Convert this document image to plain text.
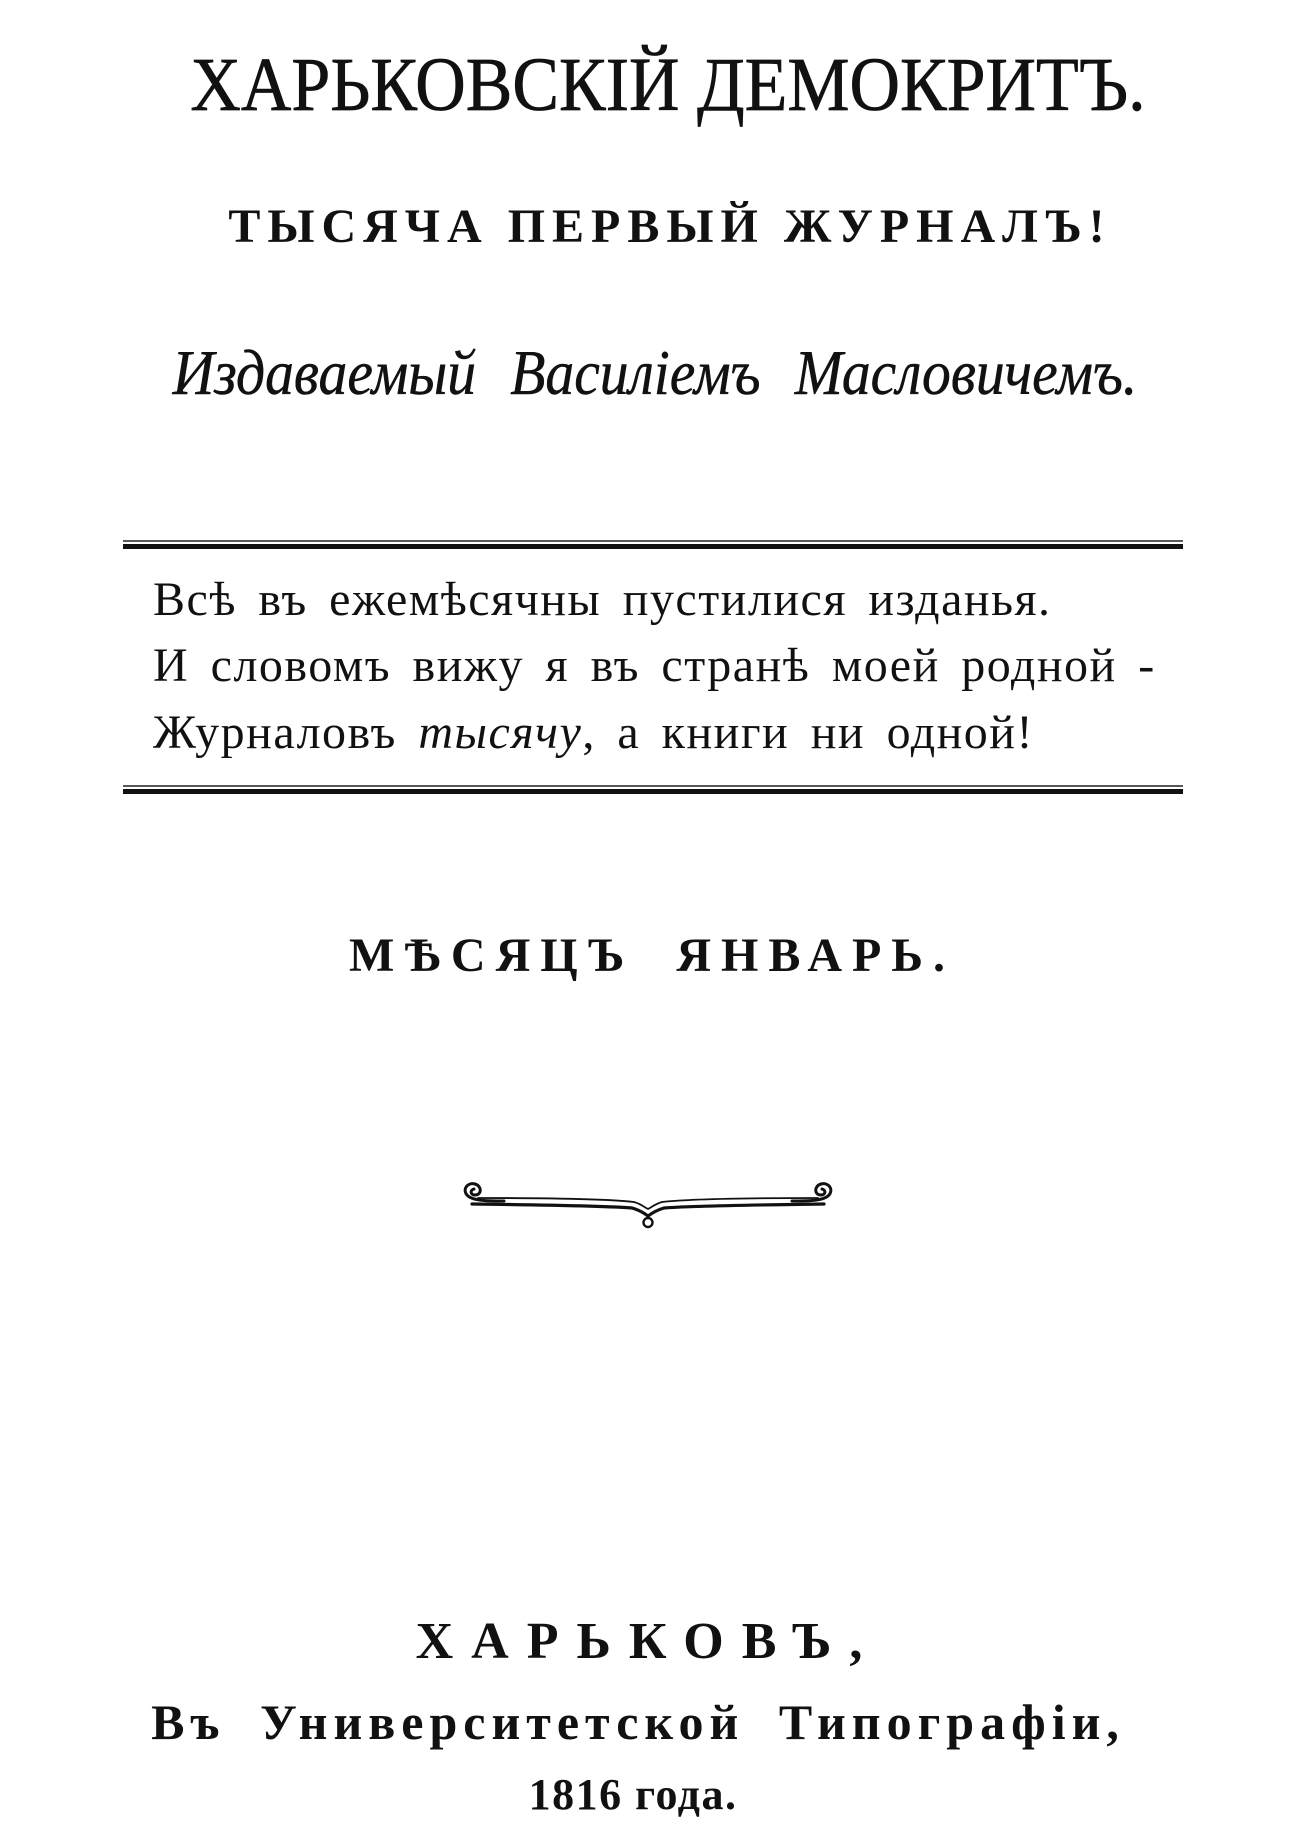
ХАРЬКОВСКІЙ ДЕМОКРИТЪ.
ТЫСЯЧА ПЕРВЫЙ ЖУРНАЛЪ!
Издаваемый Василіемъ Масловичемъ.

Всѣ въ ежемѣсячны пустилися изданья.

И словомъ вижу я въ странѣ моей родной -

Журналовъ тысячу, а книги ни одной!

МѢСЯЦЪ ЯНВАРЬ.
ХАРЬКОВЪ,
Въ Университетской Типографіи,
1816 года.
